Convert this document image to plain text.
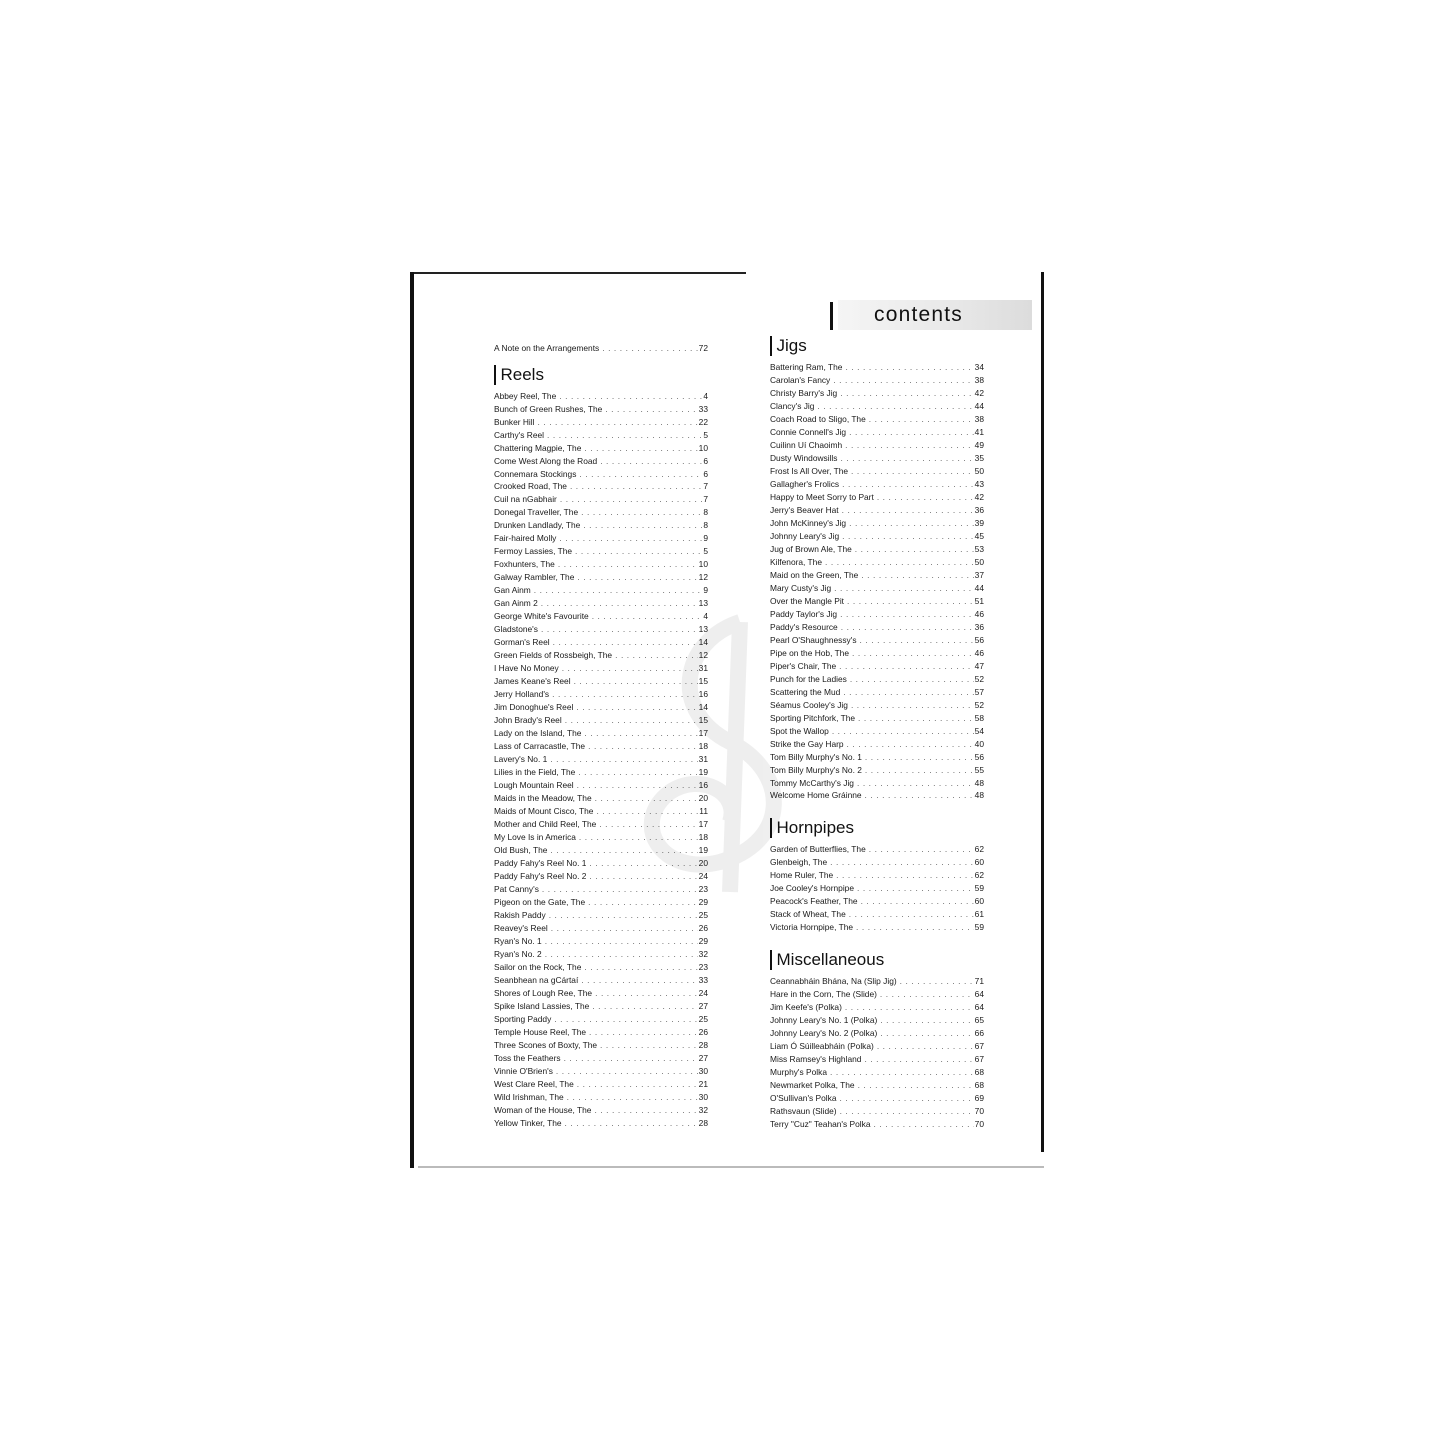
contents
A Note on the Arrangements . . .	72
Reels
Abbey Reel, The . . .	4
Bunch of Green Rushes, The . . .	33
Bunker Hill . . .	22
Carthy's Reel . . .	5
Chattering Magpie, The . . .	10
Come West Along the Road . . .	6
Connemara Stockings . . .	6
Crooked Road, The . . .	7
Cuil na nGabhair . . .	7
Donegal Traveller, The . . .	8
Drunken Landlady, The . . .	8
Fair-haired Molly . . .	9
Fermoy Lassies, The . . .	5
Foxhunters, The . . .	10
Galway Rambler, The . . .	12
Gan Ainm . . .	9
Gan Ainm 2 . . .	13
George White's Favourite . . .	4
Gladstone's . . .	13
Gorman's Reel . . .	14
Green Fields of Rossbeigh, The . . .	12
I Have No Money . . .	31
James Keane's Reel . . .	15
Jerry Holland's . . .	16
Jim Donoghue's Reel . . .	14
John Brady's Reel . . .	15
Lady on the Island, The . . .	17
Lass of Carracastle, The . . .	18
Lavery's No. 1 . . .	31
Lilies in the Field, The . . .	19
Lough Mountain Reel . . .	16
Maids in the Meadow, The . . .	20
Maids of Mount Cisco, The . . .	11
Mother and Child Reel, The . . .	17
My Love Is in America . . .	18
Old Bush, The . . .	19
Paddy Fahy's Reel No. 1 . . .	20
Paddy Fahy's Reel No. 2 . . .	24
Pat Canny's . . .	23
Pigeon on the Gate, The . . .	29
Rakish Paddy . . .	25
Reavey's Reel . . .	26
Ryan's No. 1 . . .	29
Ryan's No. 2 . . .	32
Sailor on the Rock, The . . .	23
Seanbhean na gCártaí . . .	33
Shores of Lough Ree, The . . .	24
Spike Island Lassies, The . . .	27
Sporting Paddy . . .	25
Temple House Reel, The . . .	26
Three Scones of Boxty, The . . .	28
Toss the Feathers . . .	27
Vinnie O'Brien's . . .	30
West Clare Reel, The . . .	21
Wild Irishman, The . . .	30
Woman of the House, The . . .	32
Yellow Tinker, The . . .	28
Jigs
Battering Ram, The . . .	34
Carolan's Fancy . . .	38
Christy Barry's Jig . . .	42
Clancy's Jig . . .	44
Coach Road to Sligo, The . . .	38
Connie Connell's Jig . . .	41
Cuilinn Uí Chaoimh . . .	49
Dusty Windowsills . . .	35
Frost Is All Over, The . . .	50
Gallagher's Frolics . . .	43
Happy to Meet Sorry to Part . . .	42
Jerry's Beaver Hat . . .	36
John McKinney's Jig . . .	39
Johnny Leary's Jig . . .	45
Jug of Brown Ale, The . . .	53
Kilfenora, The . . .	50
Maid on the Green, The . . .	37
Mary Custy's Jig . . .	44
Over the Mangle Pit . . .	51
Paddy Taylor's Jig . . .	46
Paddy's Resource . . .	36
Pearl O'Shaughnessy's . . .	56
Pipe on the Hob, The . . .	46
Piper's Chair, The . . .	47
Punch for the Ladies . . .	52
Scattering the Mud . . .	57
Séamus Cooley's Jig . . .	52
Sporting Pitchfork, The . . .	58
Spot the Wallop . . .	54
Strike the Gay Harp . . .	40
Tom Billy Murphy's No. 1 . . .	56
Tom Billy Murphy's No. 2 . . .	55
Tommy McCarthy's Jig . . .	48
Welcome Home Gráinne . . .	48
Hornpipes
Garden of Butterflies, The . . .	62
Glenbeigh, The . . .	60
Home Ruler, The . . .	62
Joe Cooley's Hornpipe . . .	59
Peacock's Feather, The . . .	60
Stack of Wheat, The . . .	61
Victoria Hornpipe, The . . .	59
Miscellaneous
Ceannabháin Bhána, Na (Slip Jig) . . .	71
Hare in the Corn, The (Slide) . . .	64
Jim Keefe's (Polka) . . .	64
Johnny Leary's No. 1 (Polka) . . .	65
Johnny Leary's No. 2 (Polka) . . .	66
Liam Ó Súilleabháin (Polka) . . .	67
Miss Ramsey's Highland . . .	67
Murphy's Polka . . .	68
Newmarket Polka, The . . .	68
O'Sullivan's Polka . . .	69
Rathsvaun (Slide) . . .	70
Terry "Cuz" Teahan's Polka . . .	70
